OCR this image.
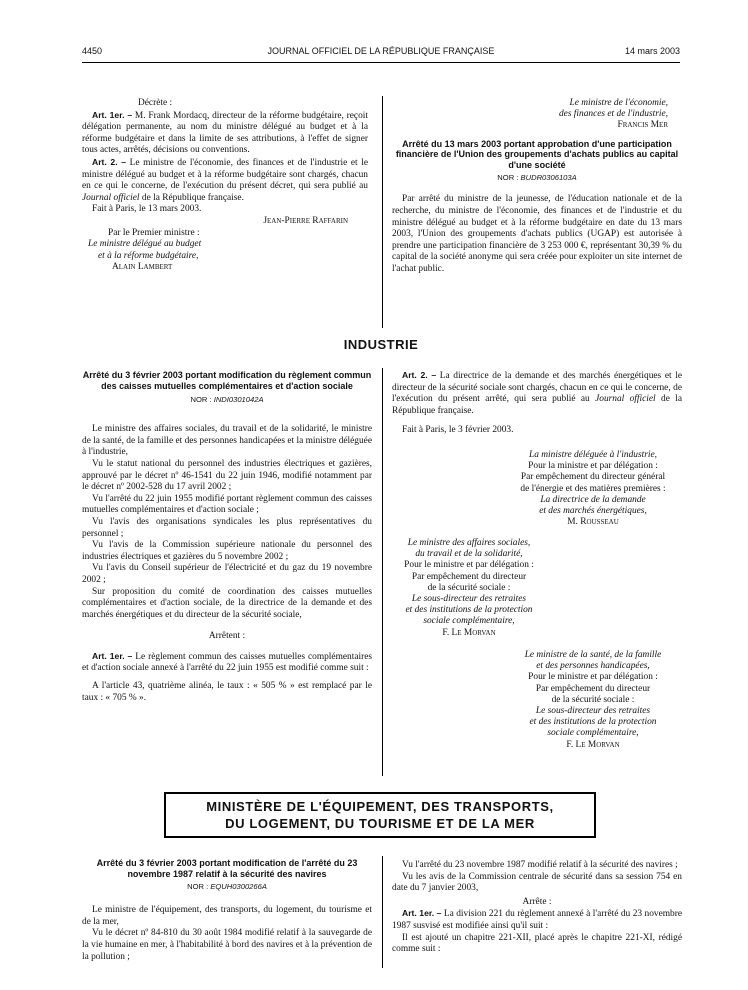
4450	JOURNAL OFFICIEL DE LA RÉPUBLIQUE FRANÇAISE	14 mars 2003

Décrète :

Art. 1er. – M. Frank Mordacq, directeur de la réforme budgétaire, reçoit délégation permanente, au nom du ministre délégué au budget et à la réforme budgétaire et dans la limite de ses attributions, à l'effet de signer tous actes, arrêtés, décisions ou conventions.

Art. 2. – Le ministre de l'économie, des finances et de l'industrie et le ministre délégué au budget et à la réforme budgétaire sont chargés, chacun en ce qui le concerne, de l'exécution du présent décret, qui sera publié au Journal officiel de la République française.

Fait à Paris, le 13 mars 2003.

Jean-Pierre Raffarin

Par le Premier ministre :

Le ministre délégué au budget

et à la réforme budgétaire,

Alain Lambert

Le ministre de l'économie,
des finances et de l'industrie,
Francis Mer
Arrêté du 13 mars 2003 portant approbation d'une participation financière de l'Union des groupements d'achats publics au capital d'une société
NOR : BUDR0306103A

Par arrêté du ministre de la jeunesse, de l'éducation nationale et de la recherche, du ministre de l'économie, des finances et de l'industrie et du ministre délégué au budget et à la réforme budgétaire en date du 13 mars 2003, l'Union des groupements d'achats publics (UGAP) est autorisée à prendre une participation financière de 3 253 000 €, représentant 30,39 % du capital de la société anonyme qui sera créée pour exploiter un site internet de l'achat public.

INDUSTRIE
Arrêté du 3 février 2003 portant modification du règlement commun des caisses mutuelles complémentaires et d'action sociale
NOR : INDI0301042A

Le ministre des affaires sociales, du travail et de la solidarité, le ministre de la santé, de la famille et des personnes handicapées et la ministre déléguée à l'industrie,

Vu le statut national du personnel des industries électriques et gazières, approuvé par le décret nº 46-1541 du 22 juin 1946, modifié notamment par le décret nº 2002-528 du 17 avril 2002 ;

Vu l'arrêté du 22 juin 1955 modifié portant règlement commun des caisses mutuelles complémentaires et d'action sociale ;

Vu l'avis des organisations syndicales les plus représentatives du personnel ;

Vu l'avis de la Commission supérieure nationale du personnel des industries électriques et gazières du 5 novembre 2002 ;

Vu l'avis du Conseil supérieur de l'électricité et du gaz du 19 novembre 2002 ;

Sur proposition du comité de coordination des caisses mutuelles complémentaires et d'action sociale, de la directrice de la demande et des marchés énergétiques et du directeur de la sécurité sociale,

Arrêtent :

Art. 1er. – Le règlement commun des caisses mutuelles complémentaires et d'action sociale annexé à l'arrêté du 22 juin 1955 est modifié comme suit :

A l'article 43, quatrième alinéa, le taux : « 505 % » est remplacé par le taux : « 705 % ».

Art. 2. – La directrice de la demande et des marchés énergétiques et le directeur de la sécurité sociale sont chargés, chacun en ce qui le concerne, de l'exécution du présent arrêté, qui sera publié au Journal officiel de la République française.

Fait à Paris, le 3 février 2003.

La ministre déléguée à l'industrie,
Pour la ministre et par délégation :
Par empêchement du directeur général
de l'énergie et des matières premières :
La directrice de la demande
et des marchés énergétiques,
M. Rousseau
Le ministre des affaires sociales,
du travail et de la solidarité,
Pour le ministre et par délégation :
Par empêchement du directeur
de la sécurité sociale :
Le sous-directeur des retraites
et des institutions de la protection
sociale complémentaire,
F. Le Morvan
Le ministre de la santé, de la famille
et des personnes handicapées,
Pour le ministre et par délégation :
Par empêchement du directeur
de la sécurité sociale :
Le sous-directeur des retraites
et des institutions de la protection
sociale complémentaire,
F. Le Morvan
MINISTÈRE DE L'ÉQUIPEMENT, DES TRANSPORTS,
DU LOGEMENT, DU TOURISME ET DE LA MER
Arrêté du 3 février 2003 portant modification de l'arrêté du 23 novembre 1987 relatif à la sécurité des navires
NOR : EQUH0300266A

Le ministre de l'équipement, des transports, du logement, du tourisme et de la mer,

Vu le décret nº 84-810 du 30 août 1984 modifié relatif à la sauvegarde de la vie humaine en mer, à l'habitabilité à bord des navires et à la prévention de la pollution ;

Vu l'arrêté du 23 novembre 1987 modifié relatif à la sécurité des navires ;

Vu les avis de la Commission centrale de sécurité dans sa session 754 en date du 7 janvier 2003,

Arrête :

Art. 1er. – La division 221 du règlement annexé à l'arrêté du 23 novembre 1987 susvisé est modifiée ainsi qu'il suit :

Il est ajouté un chapitre 221-XII, placé après le chapitre 221-XI, rédigé comme suit :
